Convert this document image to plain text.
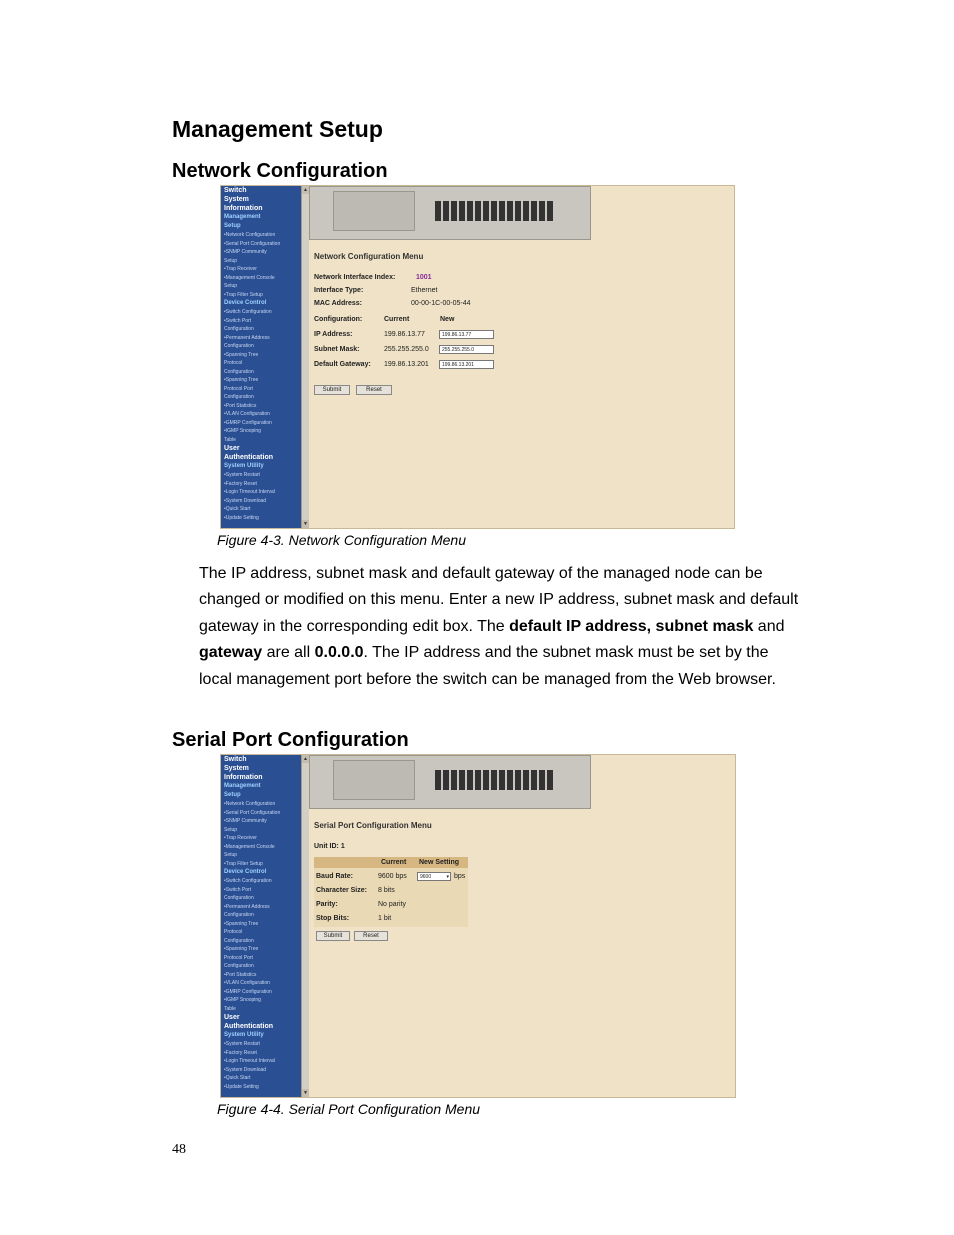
Management Setup
Network Configuration
Switch
System
Information
Management
Setup
•Network Configuration
•Serial Port Configuration
•SNMP Community
Setup
•Trap Receiver
•Management Console
Setup
•Trap Filter Setup
Device Control
•Switch Configuration
•Switch Port
Configuration
•Permanent Address
Configuration
•Spanning Tree
Protocol
Configuration
•Spanning Tree
Protocol Port
Configuration
•Port Statistics
•VLAN Configuration
•GMRP Configuration
•IGMP Snooping
Table
User
Authentication
System Utility
•System Restart
•Factory Reset
•Login Timeout Interval
•System Download
•Quick Start
•Update Setting
▲
▼
Network Configuration Menu
Network Interface Index:	1001
Interface Type:	Ethernet
MAC Address:	00-00-1C-00-05-44
Configuration:	Current	New
IP Address:	199.86.13.77	199.86.13.77
Subnet Mask:	255.255.255.0	255.255.255.0
Default Gateway: 199.86.13.201	199.86.13.201
Submit	Reset
Figure 4-3. Network Configuration Menu
The IP address, subnet mask and default gateway of the managed node can be changed or modified on this menu. Enter a new IP address, subnet mask and default gateway in the corresponding edit box. The default IP address, subnet mask and gateway are all 0.0.0.0. The IP address and the subnet mask must be set by the local management port before the switch can be managed from the Web browser.
Serial Port Configuration
Switch
System
Information
Management
Setup
•Network Configuration
•Serial Port Configuration
•SNMP Community
Setup
•Trap Receiver
•Management Console
Setup
•Trap Filter Setup
Device Control
•Switch Configuration
•Switch Port
Configuration
•Permanent Address
Configuration
•Spanning Tree
Protocol
Configuration
•Spanning Tree
Protocol Port
Configuration
•Port Statistics
•VLAN Configuration
•GMRP Configuration
•IGMP Snooping
Table
User
Authentication
System Utility
•System Restart
•Factory Reset
•Login Timeout Interval
•System Download
•Quick Start
•Update Setting
▲
▼
Serial Port Configuration Menu
Unit ID: 1
Current New Setting
Baud Rate:	9600 bps	9600	▾ bps
Character Size: 8 bits
Parity:	No parity
Stop Bits:	1 bit
Submit	Reset
Figure 4-4. Serial Port Configuration Menu
48
